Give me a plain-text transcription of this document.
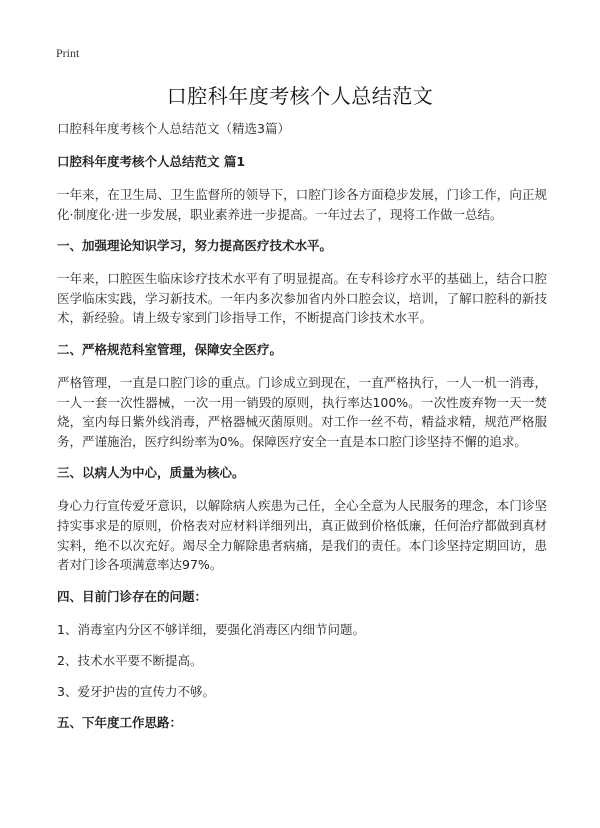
Print
口腔科年度考核个人总结范文

口腔科年度考核个人总结范文（精选3篇）

口腔科年度考核个人总结范文 篇1

一年来，在卫生局、卫生监督所的领导下，口腔门诊各方面稳步发展，门诊工作，向正规化·制度化·进一步发展，职业素养进一步提高。一年过去了，现将工作做一总结。

一、加强理论知识学习，努力提高医疗技术水平。

一年来，口腔医生临床诊疗技术水平有了明显提高。在专科诊疗水平的基础上，结合口腔医学临床实践，学习新技术。一年内多次参加省内外口腔会议，培训，了解口腔科的新技术，新经验。请上级专家到门诊指导工作，不断提高门诊技术水平。

二、严格规范科室管理，保障安全医疗。

严格管理，一直是口腔门诊的重点。门诊成立到现在，一直严格执行，一人一机一消毒，一人一套一次性器械，一次一用一销毁的原则，执行率达100%。一次性废弃物一天一焚烧，室内每日紫外线消毒，严格器械灭菌原则。对工作一丝不苟，精益求精，规范严格服务，严谨施治，医疗纠纷率为0%。保障医疗安全一直是本口腔门诊坚持不懈的追求。

三、以病人为中心，质量为核心。

身心力行宣传爱牙意识，以解除病人疾患为己任，全心全意为人民服务的理念，本门诊坚持实事求是的原则，价格表对应材料详细列出，真正做到价格低廉，任何治疗都做到真材实料，绝不以次充好。竭尽全力解除患者病痛，是我们的责任。本门诊坚持定期回访，患者对门诊各项满意率达97%。

四、目前门诊存在的问题：

1、消毒室内分区不够详细，要强化消毒区内细节问题。

2、技术水平要不断提高。

3、爱牙护齿的宣传力不够。

五、下年度工作思路：
